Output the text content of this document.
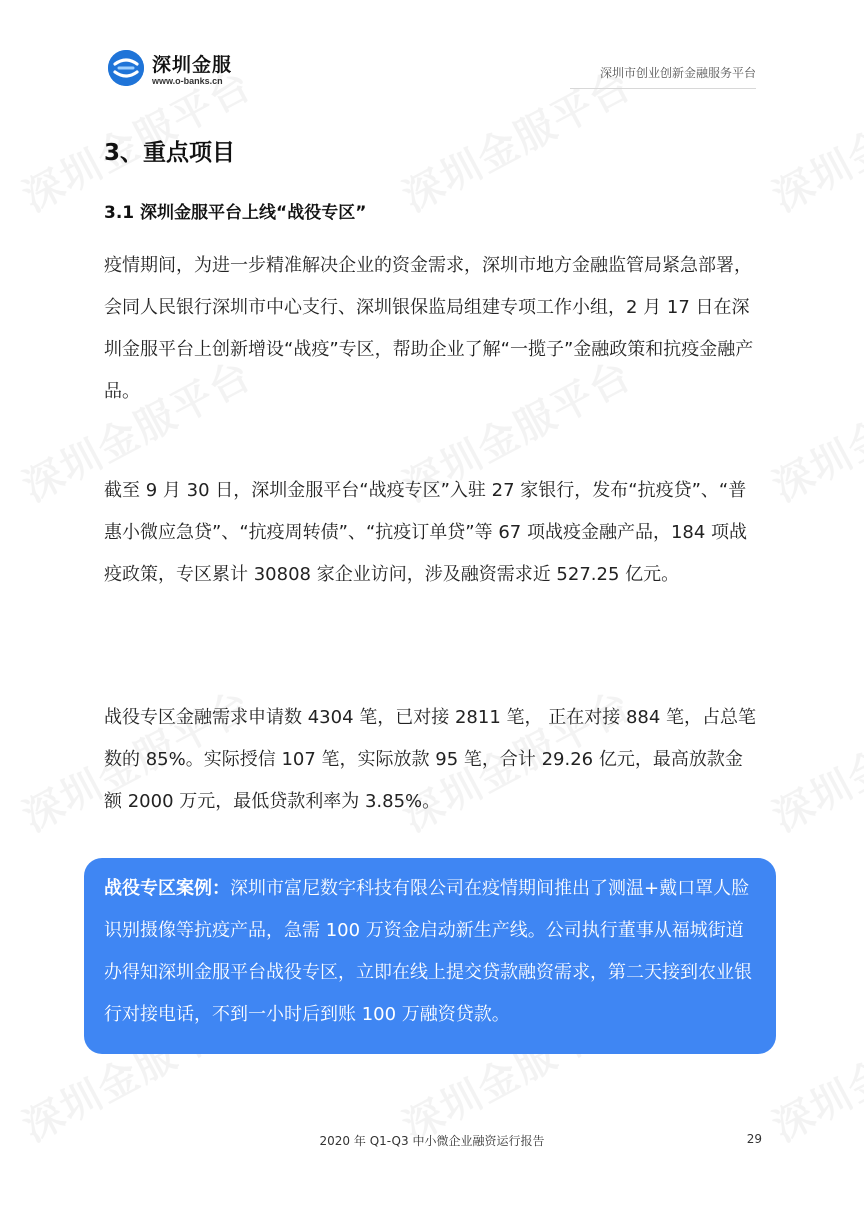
深圳金服
www.o-banks.cn
深圳市创业创新金融服务平台
3、重点项目
3.1 深圳金服平台上线“战役专区”

疫情期间，为进一步精准解决企业的资金需求，深圳市地方金融监管局紧急部署，会同人民银行深圳市中心支行、深圳银保监局组建专项工作小组，2 月 17 日在深圳金服平台上创新增设“战疫”专区，帮助企业了解“一揽子”金融政策和抗疫金融产品。

截至 9 月 30 日，深圳金服平台“战疫专区”入驻 27 家银行，发布“抗疫贷”、“普惠小微应急贷”、“抗疫周转债”、“抗疫订单贷”等 67 项战疫金融产品，184 项战疫政策，专区累计 30808 家企业访问，涉及融资需求近 527.25 亿元。

战役专区金融需求申请数 4304 笔，已对接 2811 笔， 正在对接 884 笔，占总笔数的 85%。实际授信 107 笔，实际放款 95 笔，合计 29.26 亿元，最高放款金额 2000 万元，最低贷款利率为 3.85%。

战役专区案例：深圳市富尼数字科技有限公司在疫情期间推出了测温+戴口罩人脸识别摄像等抗疫产品，急需 100 万资金启动新生产线。公司执行董事从福城街道办得知深圳金服平台战役专区，立即在线上提交贷款融资需求，第二天接到农业银行对接电话，不到一小时后到账 100 万融资贷款。

2020 年 Q1-Q3 中小微企业融资运行报告	29
